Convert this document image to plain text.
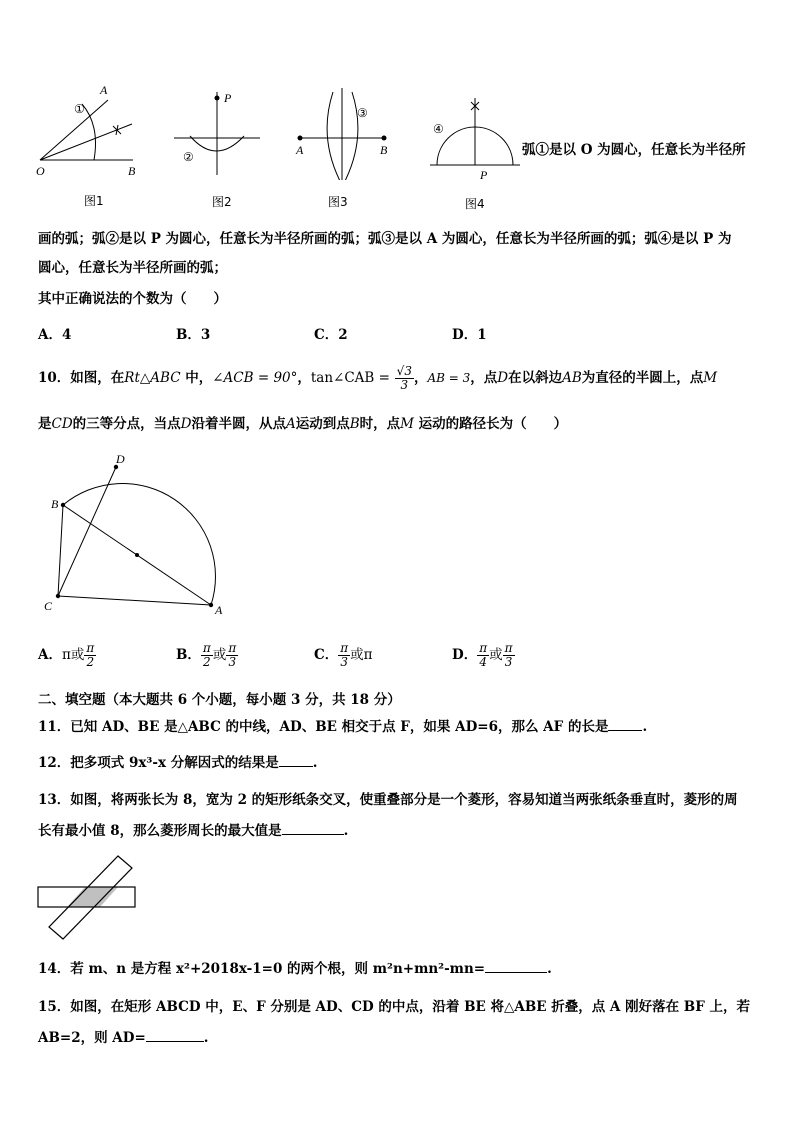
A
O	B
①
P
②	A	B
③
④
P
图1	图2	图3	图4
弧①是以 O 为圆心，任意长为半径所
画的弧；弧②是以 P 为圆心，任意长为半径所画的弧；弧③是以 A 为圆心，任意长为半径所画的弧；弧④是以 P 为
圆心，任意长为半径所画的弧；
其中正确说法的个数为（　　）
A．4	B．3	C．2	D．1
10．如图，在Rt△ABC 中，∠ACB = 90°，tan∠CAB = $\frac{√3}{3}$ ，AB = 3，点D在以斜边AB为直径的半圆上，点M
是CD的三等分点，当点D沿着半圆，从点A运动到点B时，点M 运动的路径长为（　　）
D
B
C	A
A．π或 $\frac{\pi}{2}$	B． $\frac{\pi}{2}$ 或 $\frac{\pi}{3}$	C． $\frac{\pi}{3}$ 或π	D． $\frac{\pi}{4}$ 或 $\frac{\pi}{3}$
二、填空题（本大题共 6 个小题，每小题 3 分，共 18 分）
11．已知 AD、BE 是△ABC 的中线，AD、BE 相交于点 F，如果 AD=6，那么 AF 的长是	.
12．把多项式 9x³-x 分解因式的结果是	.
13．如图，将两张长为 8，宽为 2 的矩形纸条交叉，使重叠部分是一个菱形，容易知道当两张纸条垂直时，菱形的周
长有最小值 8，那么菱形周长的最大值是	.
14．若 m、n 是方程 x²+2018x-1=0 的两个根，则 m²n+mn²-mn=	.
15．如图，在矩形 ABCD 中，E、F 分别是 AD、CD 的中点，沿着 BE 将△ABE 折叠，点 A 刚好落在 BF 上，若
AB=2，则 AD=	.
